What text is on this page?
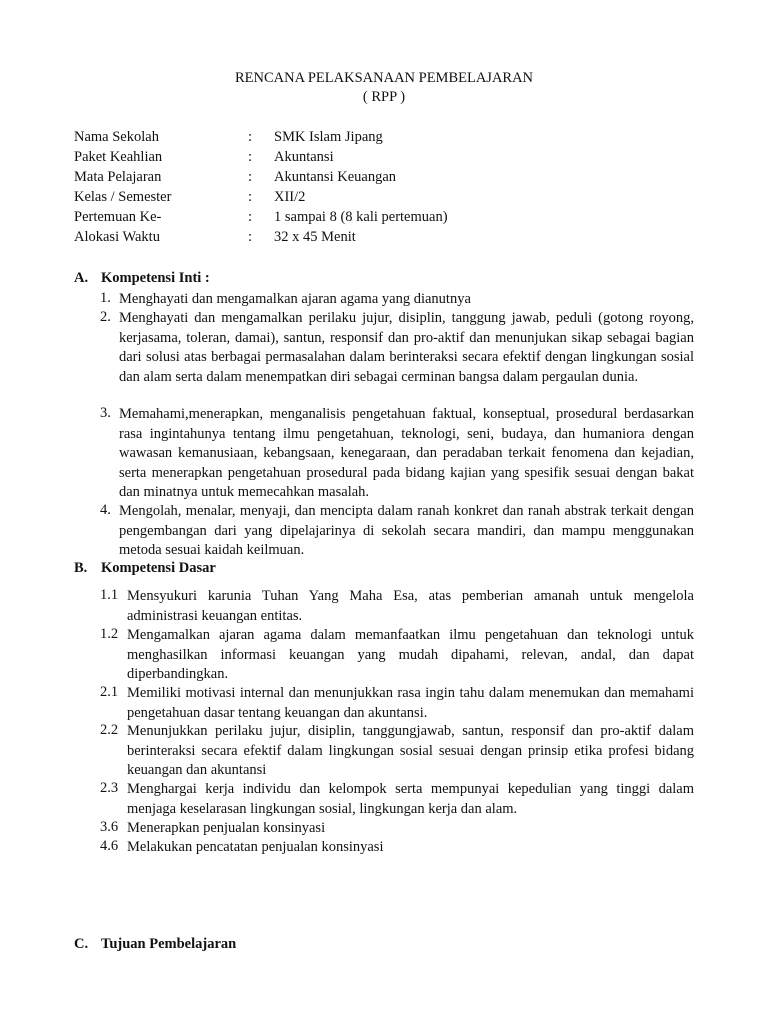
RENCANA PELAKSANAAN PEMBELAJARAN
( RPP )
Nama Sekolah	: SMK Islam Jipang
Paket Keahlian	: Akuntansi
Mata Pelajaran	: Akuntansi Keuangan
Kelas / Semester	: XII/2
Pertemuan Ke-	: 1 sampai 8 (8 kali pertemuan)
Alokasi Waktu	: 32 x 45 Menit
A. Kompetensi Inti :
1. Menghayati dan mengamalkan ajaran agama yang dianutnya
2. Menghayati dan mengamalkan perilaku jujur, disiplin, tanggung jawab, peduli (gotong royong, kerjasama, toleran, damai), santun, responsif dan pro-aktif dan menunjukan sikap sebagai bagian dari solusi atas berbagai permasalahan dalam berinteraksi secara efektif dengan lingkungan sosial dan alam serta dalam menempatkan diri sebagai cerminan bangsa dalam pergaulan dunia.
3. Memahami,menerapkan, menganalisis pengetahuan faktual, konseptual, prosedural berdasarkan rasa ingintahunya tentang ilmu pengetahuan, teknologi, seni, budaya, dan humaniora dengan wawasan kemanusiaan, kebangsaan, kenegaraan, dan peradaban terkait fenomena dan kejadian, serta menerapkan pengetahuan prosedural pada bidang kajian yang spesifik sesuai dengan bakat dan minatnya untuk memecahkan masalah.
4. Mengolah, menalar, menyaji, dan mencipta dalam ranah konkret dan ranah abstrak terkait dengan pengembangan dari yang dipelajarinya di sekolah secara mandiri, dan mampu menggunakan metoda sesuai kaidah keilmuan.
B. Kompetensi Dasar
1.1 Mensyukuri karunia Tuhan Yang Maha Esa, atas pemberian amanah untuk mengelola administrasi keuangan entitas.
1.2 Mengamalkan ajaran agama dalam memanfaatkan ilmu pengetahuan dan teknologi untuk menghasilkan informasi keuangan yang mudah dipahami, relevan, andal, dan dapat diperbandingkan.
2.1 Memiliki motivasi internal dan menunjukkan rasa ingin tahu dalam menemukan dan memahami pengetahuan dasar tentang keuangan dan akuntansi.
2.2 Menunjukkan perilaku jujur, disiplin, tanggungjawab, santun, responsif dan pro-aktif dalam berinteraksi secara efektif dalam lingkungan sosial sesuai dengan prinsip etika profesi bidang keuangan dan akuntansi
2.3 Menghargai kerja individu dan kelompok serta mempunyai kepedulian yang tinggi dalam menjaga keselarasan lingkungan sosial, lingkungan kerja dan alam.
3.6 Menerapkan penjualan konsinyasi
4.6 Melakukan pencatatan penjualan konsinyasi
C. Tujuan Pembelajaran
